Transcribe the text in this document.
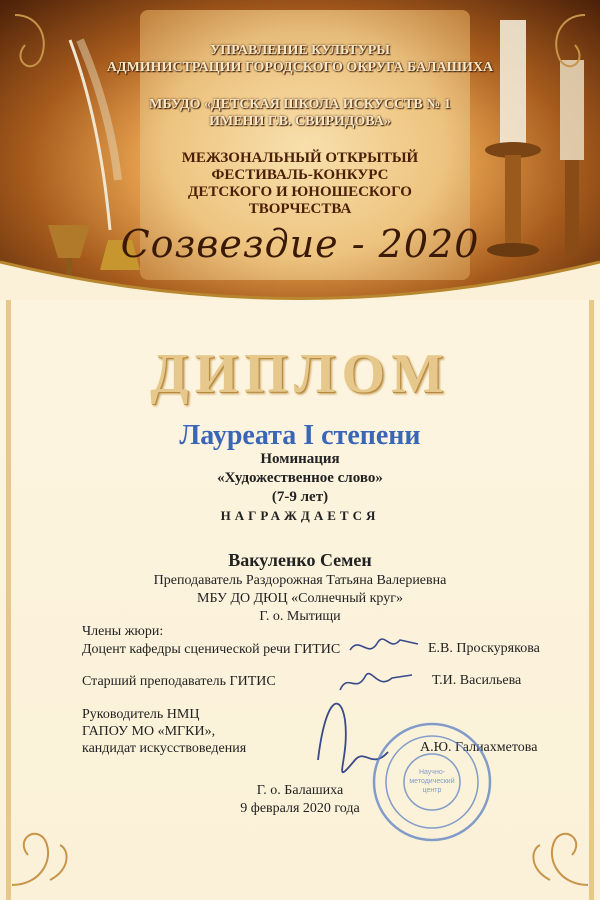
УПРАВЛЕНИЕ КУЛЬТУРЫ
АДМИНИСТРАЦИИ ГОРОДСКОГО ОКРУГА БАЛАШИХА
МБУДО «ДЕТСКАЯ ШКОЛА ИСКУССТВ № 1
ИМЕНИ Г.В. СВИРИДОВА»
МЕЖЗОНАЛЬНЫЙ ОТКРЫТЫЙ
ФЕСТИВАЛЬ-КОНКУРС
ДЕТСКОГО И ЮНОШЕСКОГО
ТВОРЧЕСТВА
Созвездие - 2020
ДИПЛОМ
Лауреата I степени
Номинация
«Художественное слово»
(7-9 лет)
НАГРАЖДАЕТСЯ
Вакуленко Семен
Преподаватель Раздорожная Татьяна Валериевна
МБУ ДО ДЮЦ «Солнечный круг»
Г. о. Мытищи
Члены жюри:
Доцент кафедры сценической речи ГИТИС	Е.В. Проскурякова
Старший преподаватель ГИТИС	Т.И. Васильева
Руководитель НМЦ
ГАПОУ МО «МГКИ»,
кандидат искусствоведения	А.Ю. Галиахметова
Г. о. Балашиха
9 февраля 2020 года
Научно-
методический
центр
